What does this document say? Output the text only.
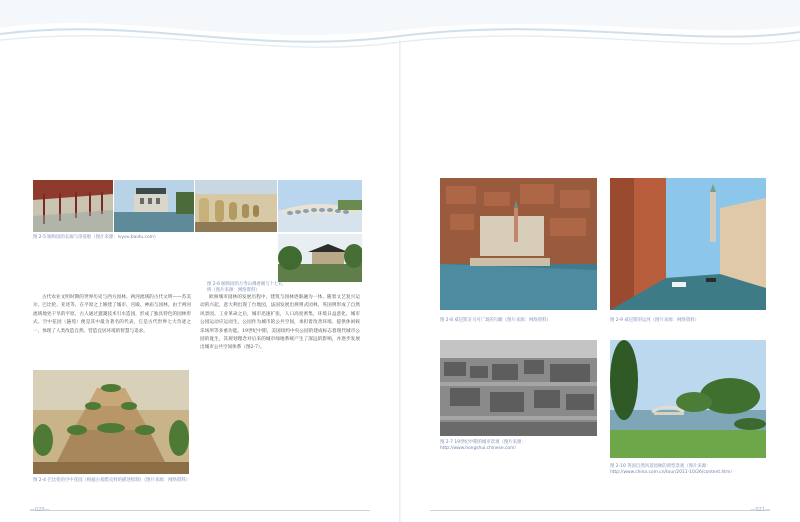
图 2-5 颐和园的长廊与清晏舫（图片来源：lvyou.baidu.com）
图 2-6 颐和园的万寿山佛香阁与十七孔桥（图片来源：网络资料）

古代农业文明时期的世界历史与西方园林。两河流域的古代文明——苏美尔、巴比伦、亚述等，在平原之上修建了城市、宫殿、神庙与园林。由于两河流域地处干旱的平原，古人通过灌溉技术引水造园，形成了独具特色的园林形式。空中花园（悬苑）便是其中最为著名的代表，它是古代世界七大奇迹之一，体现了人类改造自然、营造宜居环境的智慧与追求。

图 2-4 巴比伦的空中花园（根据古希腊史料的描述绘制）（图片来源：网络资料）

欧洲城市园林的发展历程中，建筑与园林逐渐融为一体。随着文艺复兴运动的兴起，意大利出现了台地园，法国发展出规则式园林，英国则形成了自然风景园。工业革命之后，城市迅速扩张，人口高度密集，环境日益恶化，城市公园运动应运而生。公园作为城市的公共空间，承担着改善环境、提供休闲娱乐场所等多重功能。19世纪中期，美国纽约中央公园的建成标志着现代城市公园的诞生，其规划理念对后来的城市绿地系统产生了深远的影响，并逐步发展出城市公共空间体系（图2-7）。

—020—
图 2-8 威尼斯圣马可广场的鸟瞰（图片来源：网络资料）	图 2-9 威尼斯的运河（图片来源：网络资料）
图 2-7 19世纪中期的城市景观（图片来源：http://www.hongshui.chinese.com）
图 2-10 英国自然风景园林的典型景观（图片来源：http://www.china.com.cn/tour/2011-10/26/content.htm）
—021—
